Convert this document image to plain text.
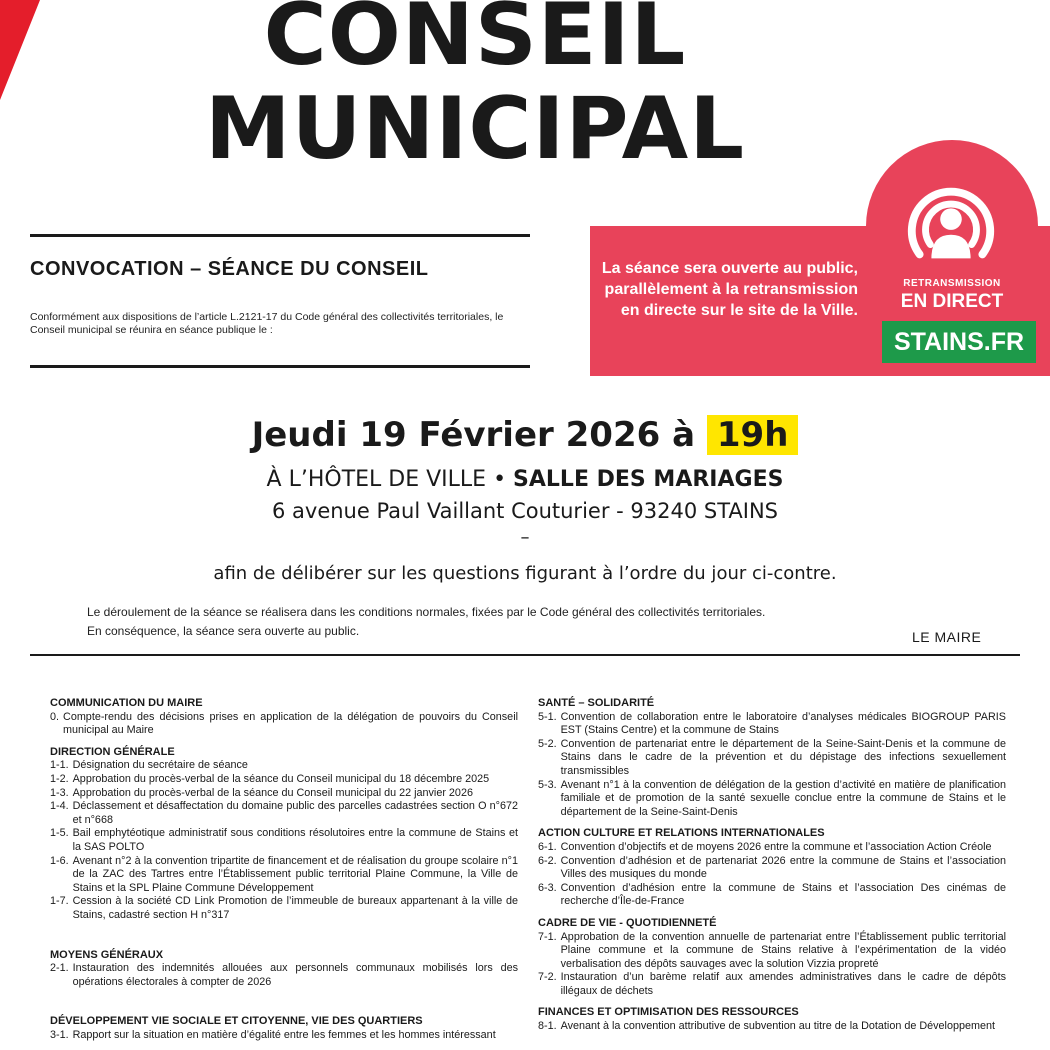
CONSEIL
MUNICIPAL
CONVOCATION – SÉANCE DU CONSEIL
Conformément aux dispositions de l’article L.2121-17 du Code général des collectivités territoriales, le Conseil municipal se réunira en séance publique le :
La séance sera ouverte au public, parallèlement à la retransmission en directe sur le site de la Ville.
RETRANSMISSION
EN DIRECT
STAINS.FR
Jeudi 19 Février 2026 à 19h
À L’HÔTEL DE VILLE • SALLE DES MARIAGES
6 avenue Paul Vaillant Couturier - 93240 STAINS
–
afin de délibérer sur les questions figurant à l’ordre du jour ci-contre.
Le déroulement de la séance se réalisera dans les conditions normales, fixées par le Code général des collectivités territoriales.
En conséquence, la séance sera ouverte au public.	LE MAIRE
COMMUNICATION DU MAIRE
0. Compte-rendu des décisions prises en application de la délégation de pouvoirs du Conseil municipal au Maire
DIRECTION GÉNÉRALE
1-1. Désignation du secrétaire de séance
1-2. Approbation du procès-verbal de la séance du Conseil municipal du 18 décembre 2025
1-3. Approbation du procès-verbal de la séance du Conseil municipal du 22 janvier 2026
1-4. Déclassement et désaffectation du domaine public des parcelles cadastrées section O n°672 et n°668
1-5. Bail emphytéotique administratif sous conditions résolutoires entre la commune de Stains et la SAS POLTO
1-6. Avenant n°2 à la convention tripartite de financement et de réalisation du groupe scolaire n°1 de la ZAC des Tartres entre l’Établissement public territorial Plaine Commune, la Ville de Stains et la SPL Plaine Commune Développement
1-7. Cession à la société CD Link Promotion de l’immeuble de bureaux appartenant à la ville de Stains, cadastré section H n°317
MOYENS GÉNÉRAUX
2-1. Instauration des indemnités allouées aux personnels communaux mobilisés lors des opérations électorales à compter de 2026
DÉVELOPPEMENT VIE SOCIALE ET CITOYENNE, VIE DES QUARTIERS
3-1. Rapport sur la situation en matière d’égalité entre les femmes et les hommes intéressant
SANTÉ – SOLIDARITÉ
5-1. Convention de collaboration entre le laboratoire d’analyses médicales BIOGROUP PARIS EST (Stains Centre) et la commune de Stains
5-2. Convention de partenariat entre le département de la Seine-Saint-Denis et la commune de Stains dans le cadre de la prévention et du dépistage des infections sexuellement transmissibles
5-3. Avenant n°1 à la convention de délégation de la gestion d’activité en matière de planification familiale et de promotion de la santé sexuelle conclue entre la commune de Stains et le département de la Seine-Saint-Denis
ACTION CULTURE ET RELATIONS INTERNATIONALES
6-1. Convention d’objectifs et de moyens 2026 entre la commune et l’association Action Créole
6-2. Convention d’adhésion et de partenariat 2026 entre la commune de Stains et l’association Villes des musiques du monde
6-3. Convention d’adhésion entre la commune de Stains et l’association Des cinémas de recherche d’Île-de-France
CADRE DE VIE - QUOTIDIENNETÉ
7-1. Approbation de la convention annuelle de partenariat entre l’Établissement public territorial Plaine commune et la commune de Stains relative à l’expérimentation de la vidéo verbalisation des dépôts sauvages avec la solution Vizzia propreté
7-2. Instauration d’un barème relatif aux amendes administratives dans le cadre de dépôts illégaux de déchets
FINANCES ET OPTIMISATION DES RESSOURCES
8-1. Avenant à la convention attributive de subvention au titre de la Dotation de Développement
